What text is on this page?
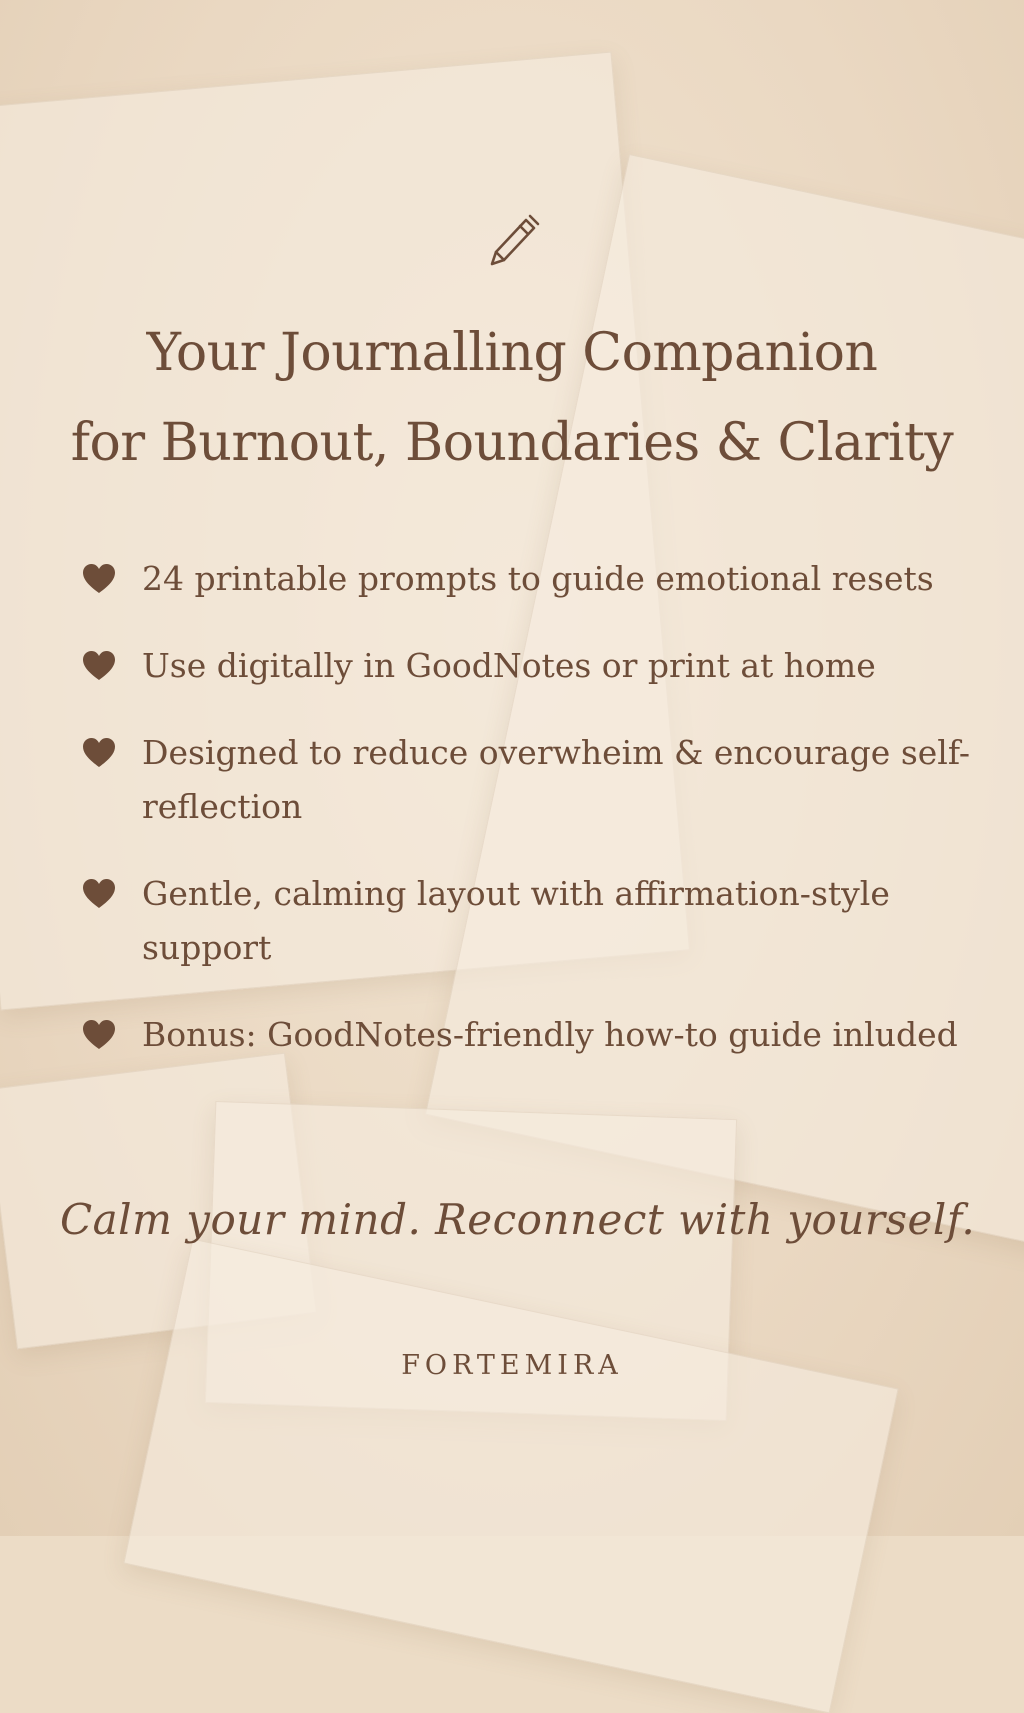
Your Journalling Companion
for Burnout, Boundaries & Clarity
24 printable prompts to guide emotional resets
Use digitally in GoodNotes or print at home
Designed to reduce overwheim & encourage self-reflection
Gentle, calming layout with affirmation-style support
Bonus: GoodNotes-friendly how-to guide inluded
Calm your mind. Reconnect with yourself.
FORTEMIRA
